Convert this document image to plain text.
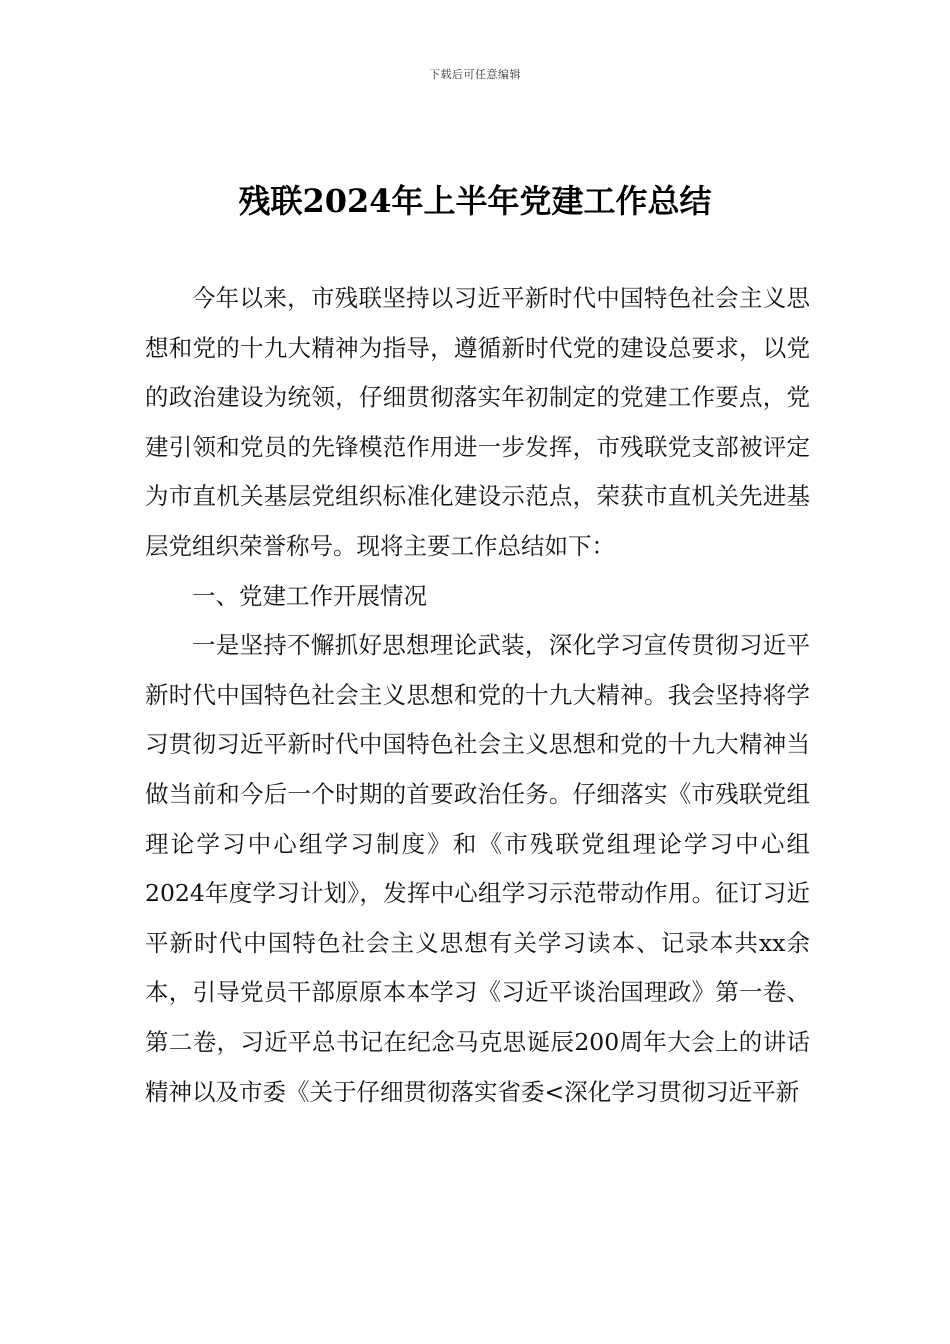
下载后可任意编辑
残联2024年上半年党建工作总结

今年以来，市残联坚持以习近平新时代中国特色社会主义思想和党的十九大精神为指导，遵循新时代党的建设总要求，以党的政治建设为统领，仔细贯彻落实年初制定的党建工作要点，党建引领和党员的先锋模范作用进一步发挥，市残联党支部被评定为市直机关基层党组织标准化建设示范点，荣获市直机关先进基层党组织荣誉称号。现将主要工作总结如下：

一、党建工作开展情况

一是坚持不懈抓好思想理论武装，深化学习宣传贯彻习近平新时代中国特色社会主义思想和党的十九大精神。我会坚持将学习贯彻习近平新时代中国特色社会主义思想和党的十九大精神当做当前和今后一个时期的首要政治任务。仔细落实《市残联党组理论学习中心组学习制度》和《市残联党组理论学习中心组2024年度学习计划》，发挥中心组学习示范带动作用。征订习近平新时代中国特色社会主义思想有关学习读本、记录本共xx余本，引导党员干部原原本本学习《习近平谈治国理政》第一卷、第二卷，习近平总书记在纪念马克思诞辰200周年大会上的讲话精神以及市委《关于仔细贯彻落实省委<深化学习贯彻习近平新
